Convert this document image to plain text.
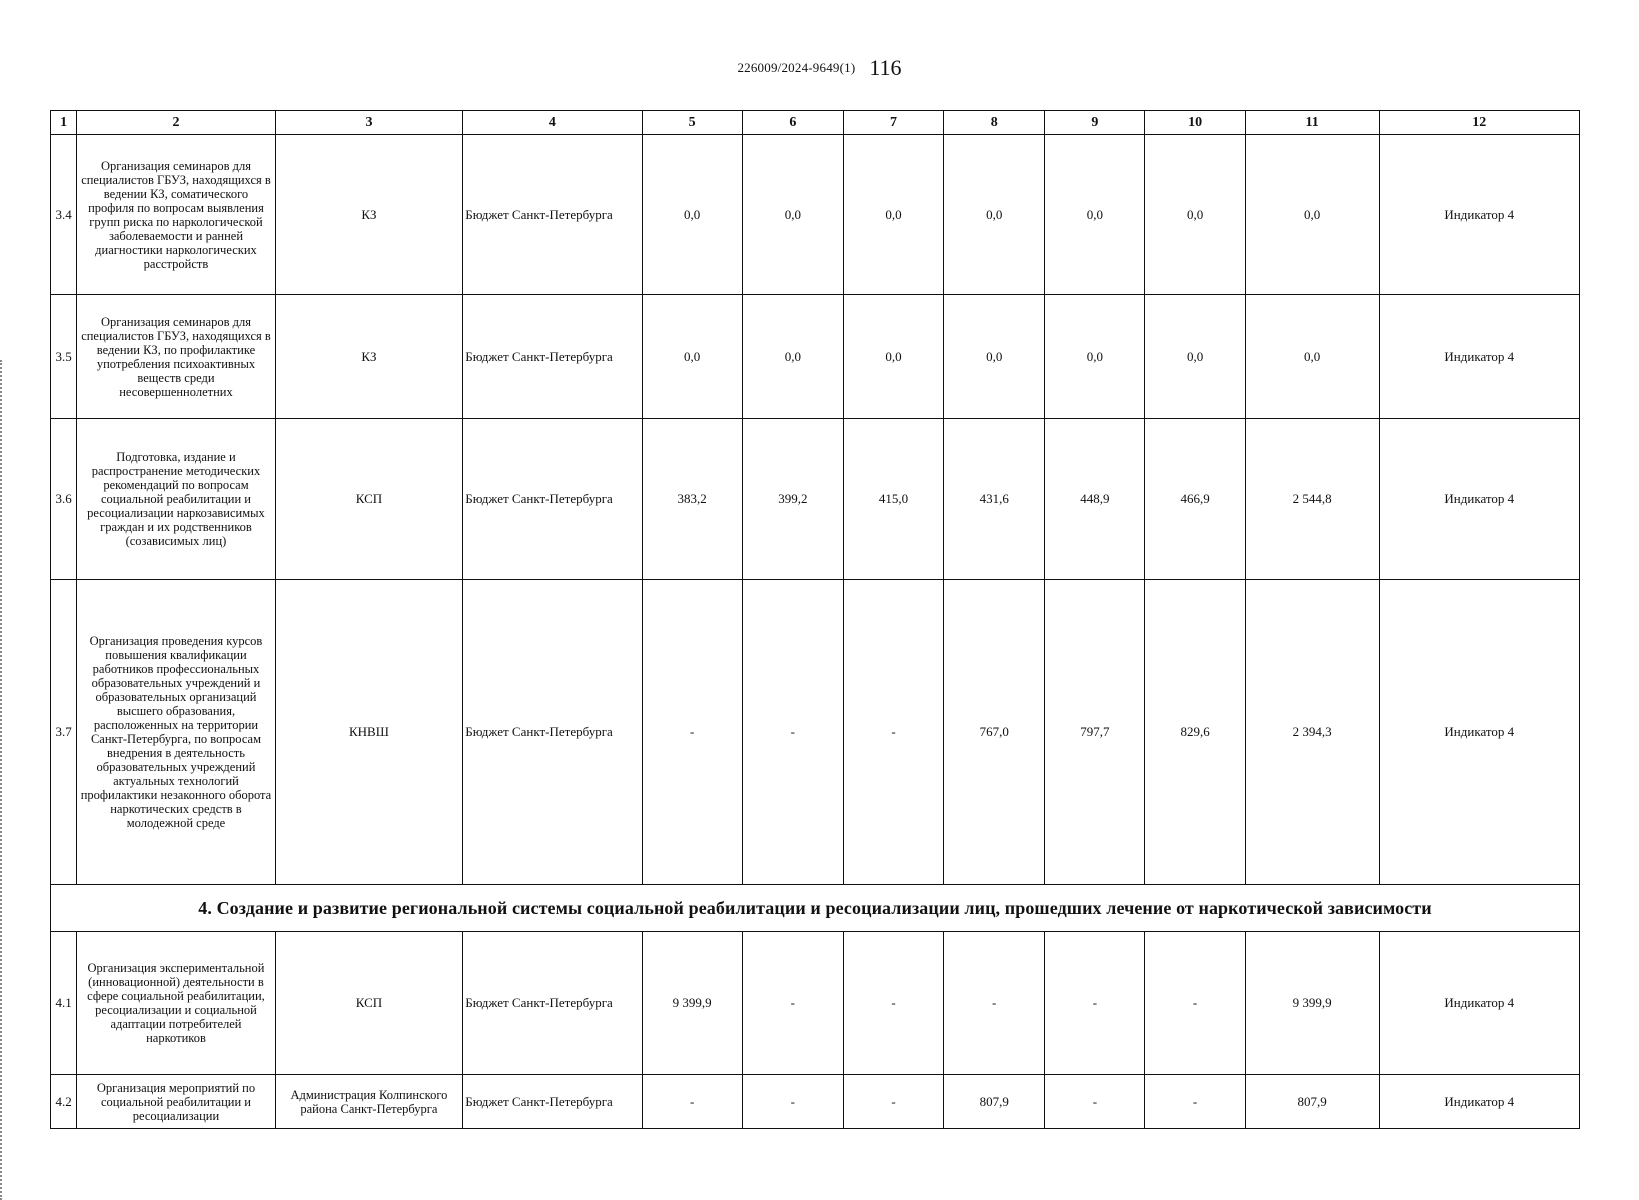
226009/2024-9649(1) 116
1	2	3	4	5	6	7	8	9	10	11	12
3.4	Организация семинаров для специалистов ГБУЗ, находящихся в ведении КЗ, соматического профиля по вопросам выявления групп риска по наркологической заболеваемости и ранней диагностики наркологических расстройств	КЗ	Бюджет Санкт-Петербурга	0,0	0,0	0,0	0,0	0,0	0,0	0,0	Индикатор 4
3.5	Организация семинаров для специалистов ГБУЗ, находящихся в ведении КЗ, по профилактике употребления психоактивных веществ среди несовершеннолетних	КЗ	Бюджет Санкт-Петербурга	0,0	0,0	0,0	0,0	0,0	0,0	0,0	Индикатор 4
3.6	Подготовка, издание и распространение методических рекомендаций по вопросам социальной реабилитации и ресоциализации наркозависимых граждан и их родственников (созависимых лиц)	КСП	Бюджет Санкт-Петербурга	383,2	399,2	415,0	431,6	448,9	466,9	2 544,8	Индикатор 4
3.7	Организация проведения курсов повышения квалификации работников профессиональных образовательных учреждений и образовательных организаций высшего образования, расположенных на территории Санкт-Петербурга, по вопросам внедрения в деятельность образовательных учреждений актуальных технологий профилактики незаконного оборота наркотических средств в молодежной среде	КНВШ	Бюджет Санкт-Петербурга	-	-	-	767,0	797,7	829,6	2 394,3	Индикатор 4
4. Создание и развитие региональной системы социальной реабилитации и ресоциализации лиц, прошедших лечение от наркотической зависимости											
4.1	Организация экспериментальной (инновационной) деятельности в сфере социальной реабилитации, ресоциализации и социальной адаптации потребителей наркотиков	КСП	Бюджет Санкт-Петербурга	9 399,9	-	-	-	-	-	9 399,9	Индикатор 4
4.2	Организация мероприятий по социальной реабилитации и ресоциализации	Администрация Колпинского района Санкт-Петербурга	Бюджет Санкт-Петербурга	-	-	-	807,9	-	-	807,9	Индикатор 4
